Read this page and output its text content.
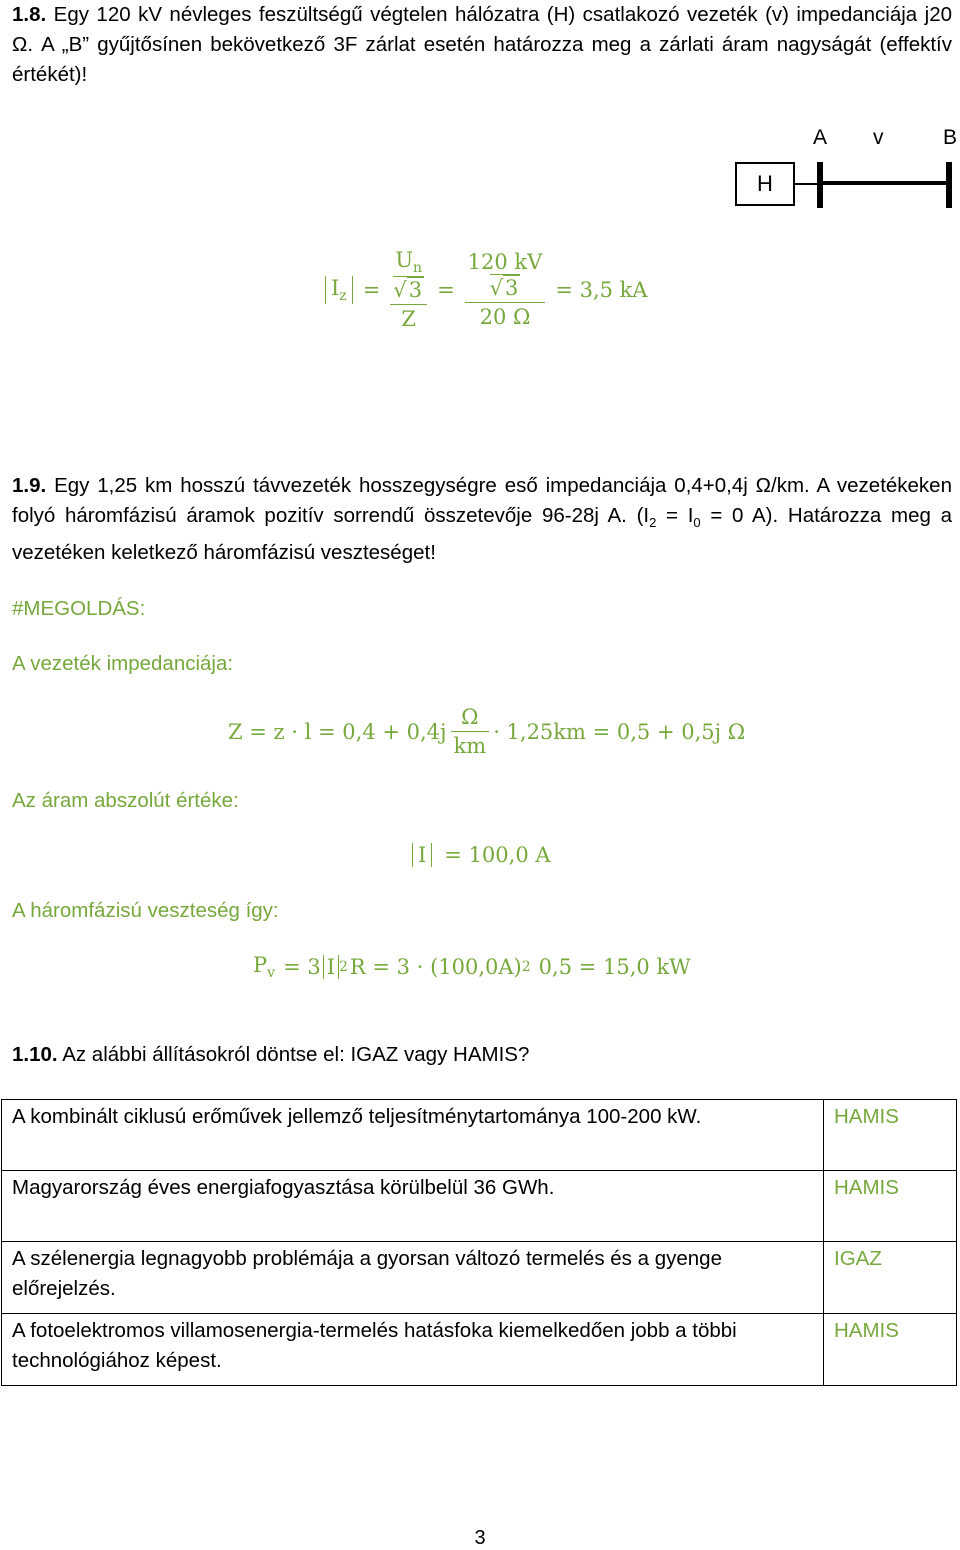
1.8. Egy 120 kV névleges feszültségű végtelen hálózatra (H) csatlakozó vezeték (v) impedanciája j20 Ω. A „B” gyűjtősínen bekövetkező 3F zárlat esetén határozza meg a zárlati áram nagyságát (effektív értékét)!
A v	B
H
$I_z = U_n$
√3
Z = 120 kV
√3
20 Ω = 3,5 kA
1.9. Egy 1,25 km hosszú távvezeték hosszegységre eső impedanciája 0,4+0,4j Ω/km. A vezetékeken folyó háromfázisú áramok pozitív sorrendű összetevője 96-28j A. ($I_2 = I_0 = 0$ A). Határozza meg a vezetéken keletkező háromfázisú veszteséget!
#MEGOLDÁS:
A vezeték impedanciája:
$Z = z \cdot l = 0,4 + 0,4j \frac{\Omega}{km} \cdot 1,25km = 0,5 + 0,5j$ Ω
Az áram abszolút értéke:
I = 100,0 A
A háromfázisú veszteség így:
$P_v = 3$ I 2 R = 3 · (100,0A) 2 0,5 = 15,0 kW
1.10. Az alábbi állításokról döntse el: IGAZ vagy HAMIS?
A kombinált ciklusú erőművek jellemző teljesítménytartománya 100-200 kW.	HAMIS
Magyarország éves energiafogyasztása körülbelül 36 GWh.	HAMIS
A szélenergia legnagyobb problémája a gyorsan változó termelés és a gyenge előrejelzés.	IGAZ
A fotoelektromos villamosenergia-termelés hatásfoka kiemelkedően jobb a többi technológiához képest.	HAMIS
3
